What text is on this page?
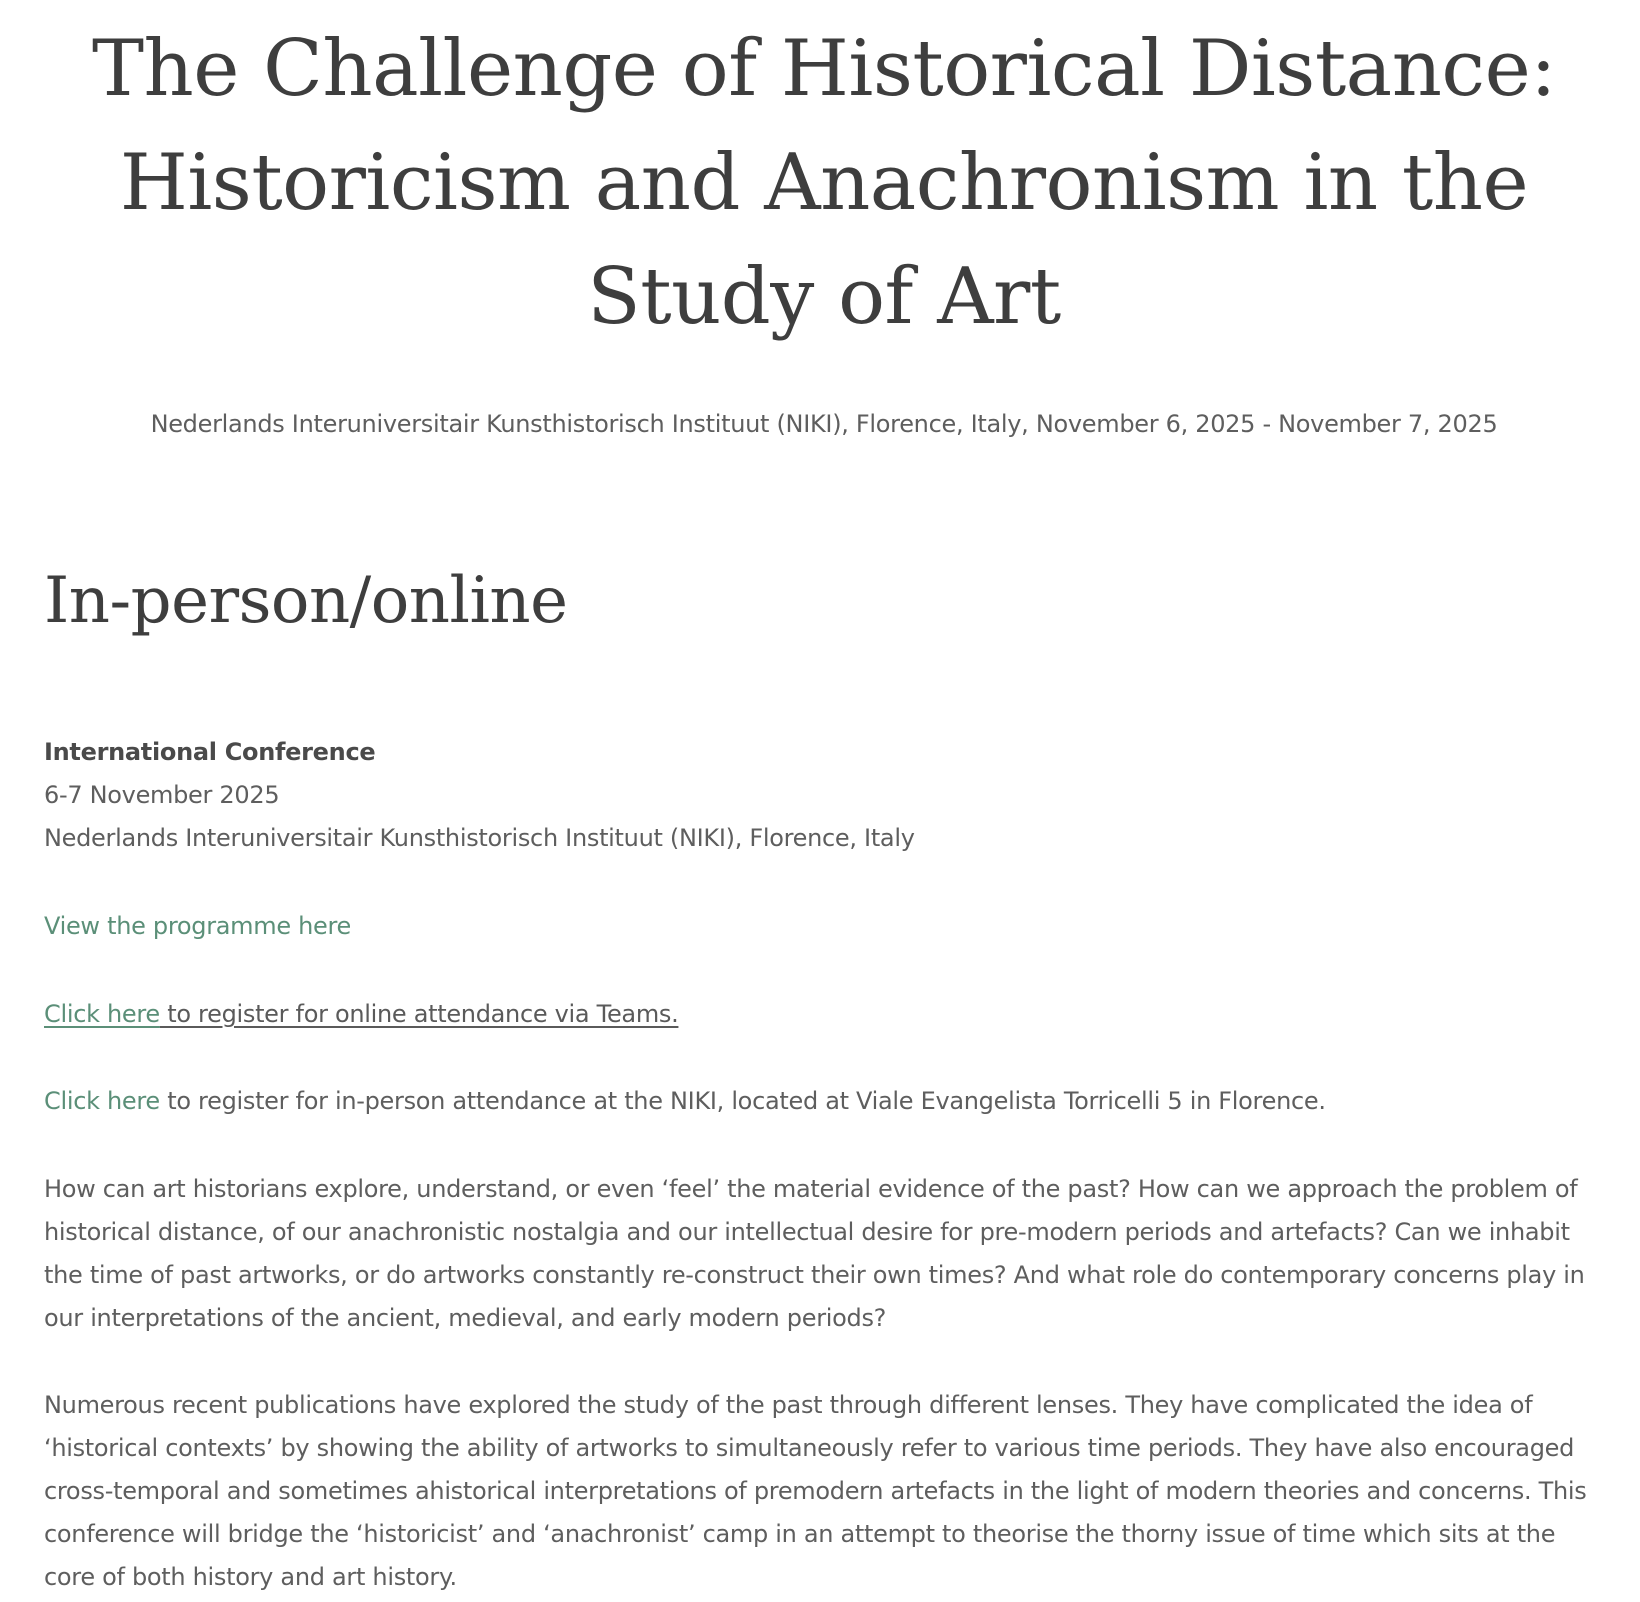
The Challenge of Historical Distance: Historicism and Anachronism in the Study of Art
Nederlands Interuniversitair Kunsthistorisch Instituut (NIKI), Florence, Italy, November 6, 2025 - November 7, 2025
In-person/online
International Conference
6-7 November 2025
Nederlands Interuniversitair Kunsthistorisch Instituut (NIKI), Florence, Italy
View the programme here
Click here to register for online attendance via Teams.
Click here to register for in-person attendance at the NIKI, located at Viale Evangelista Torricelli 5 in Florence.

How can art historians explore, understand, or even ‘feel’ the material evidence of the past? How can we approach the problem of historical distance, of our anachronistic nostalgia and our intellectual desire for pre-modern periods and artefacts? Can we inhabit the time of past artworks, or do artworks constantly re-construct their own times? And what role do contemporary concerns play in our interpretations of the ancient, medieval, and early modern periods?

Numerous recent publications have explored the study of the past through different lenses. They have complicated the idea of ‘historical contexts’ by showing the ability of artworks to simultaneously refer to various time periods. They have also encouraged cross-temporal and sometimes ahistorical interpretations of premodern artefacts in the light of modern theories and concerns. This conference will bridge the ‘historicist’ and ‘anachronist’ camp in an attempt to theorise the thorny issue of time which sits at the core of both history and art history.
